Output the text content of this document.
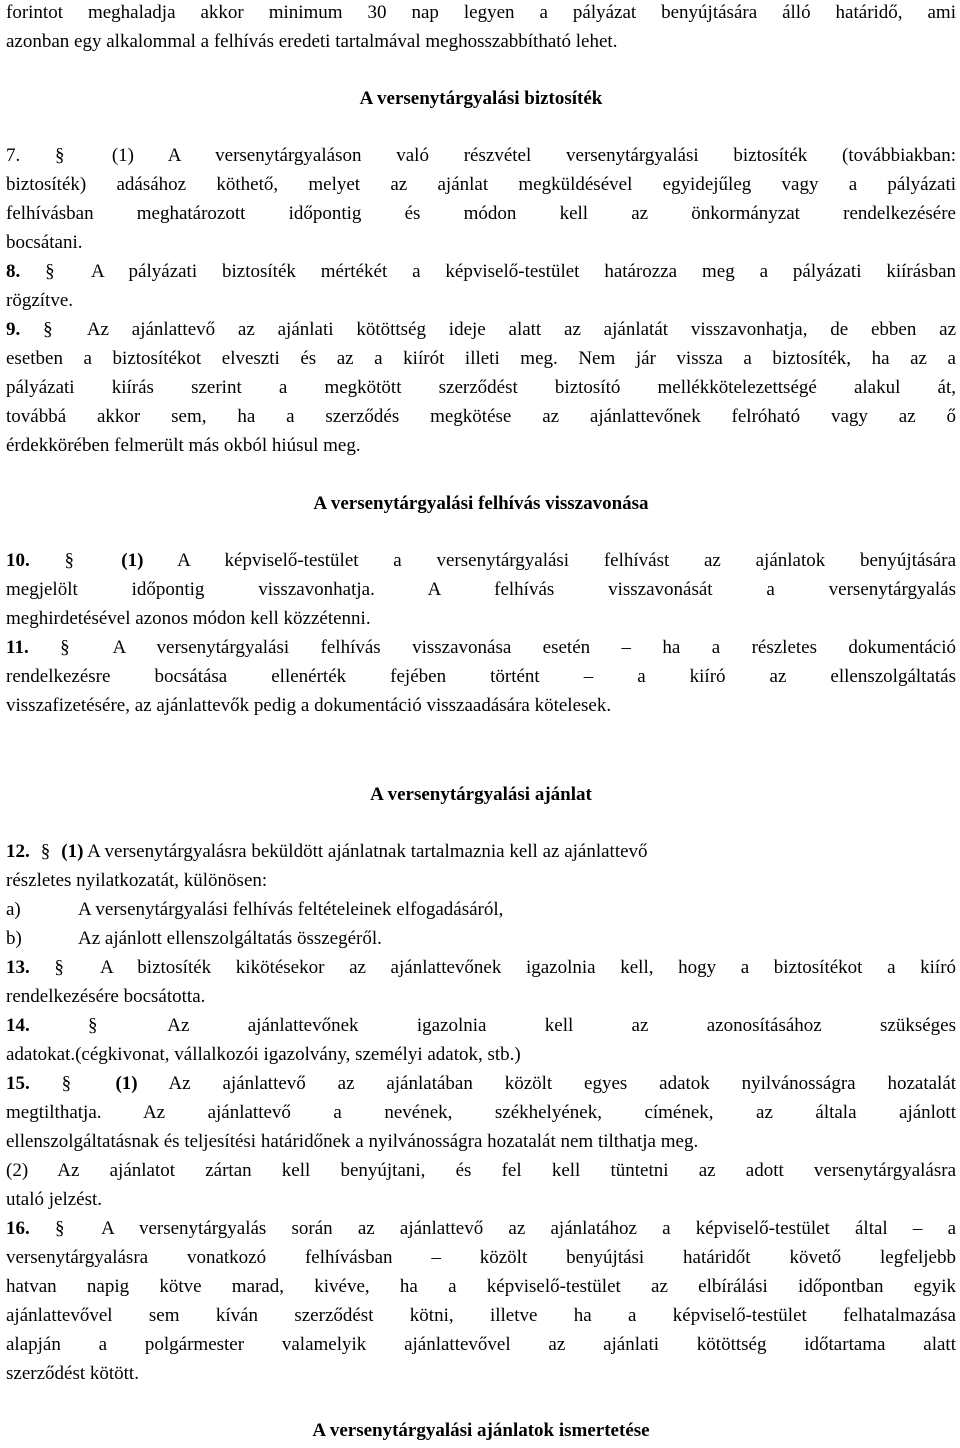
forintot meghaladja akkor minimum 30 nap legyen a pályázat benyújtására álló határidő, ami
azonban egy alkalommal a felhívás eredeti tartalmával meghosszabbítható lehet.
A versenytárgyalási biztosíték
7. § (1) A versenytárgyaláson való részvétel versenytárgyalási biztosíték (továbbiakban:
biztosíték) adásához köthető, melyet az ajánlat megküldésével egyidejűleg vagy a pályázati
felhívásban meghatározott időpontig és módon kell az önkormányzat rendelkezésére
bocsátani.
8. § A pályázati biztosíték mértékét a képviselő-testület határozza meg a pályázati kiírásban
rögzítve.
9. § Az ajánlattevő az ajánlati kötöttség ideje alatt az ajánlatát visszavonhatja, de ebben az
esetben a biztosítékot elveszti és az a kiírót illeti meg. Nem jár vissza a biztosíték, ha az a
pályázati kiírás szerint a megkötött szerződést biztosító mellékkötelezettségé alakul át,
továbbá akkor sem, ha a szerződés megkötése az ajánlattevőnek felróható vagy az ő
érdekkörében felmerült más okból hiúsul meg.
A versenytárgyalási felhívás visszavonása
10. § (1) A képviselő-testület a versenytárgyalási felhívást az ajánlatok benyújtására
megjelölt időpontig visszavonhatja. A felhívás visszavonását a versenytárgyalás
meghirdetésével azonos módon kell közzétenni.
11. § A versenytárgyalási felhívás visszavonása esetén – ha a részletes dokumentáció
rendelkezésre bocsátása ellenérték fejében történt – a kiíró az ellenszolgáltatás
visszafizetésére, az ajánlattevők pedig a dokumentáció visszaadására kötelesek.
A versenytárgyalási ajánlat
12. § (1) A versenytárgyalásra beküldött ajánlatnak tartalmaznia kell az ajánlattevő
részletes nyilatkozatát, különösen:
a)	A versenytárgyalási felhívás feltételeinek elfogadásáról,
b)	Az ajánlott ellenszolgáltatás összegéről.
13. § A biztosíték kikötésekor az ajánlattevőnek igazolnia kell, hogy a biztosítékot a kiíró
rendelkezésére bocsátotta.
14.	§	Az ajánlattevőnek igazolnia kell az azonosításához szükséges
adatokat.(cégkivonat, vállalkozói igazolvány, személyi adatok, stb.)
15. § (1) Az ajánlattevő az ajánlatában közölt egyes adatok nyilvánosságra hozatalát
megtilthatja. Az ajánlattevő a nevének, székhelyének, címének, az általa ajánlott
ellenszolgáltatásnak és teljesítési határidőnek a nyilvánosságra hozatalát nem tilthatja meg.
(2) Az ajánlatot zártan kell benyújtani, és fel kell tüntetni az adott versenytárgyalásra
utaló jelzést.
16. § A versenytárgyalás során az ajánlattevő az ajánlatához a képviselő-testület által – a
versenytárgyalásra vonatkozó felhívásban – közölt benyújtási határidőt követő legfeljebb
hatvan napig kötve marad, kivéve, ha a képviselő-testület az elbírálási időpontban egyik
ajánlattevővel sem kíván szerződést kötni, illetve ha a képviselő-testület felhatalmazása
alapján a polgármester valamelyik ajánlattevővel az ajánlati kötöttség időtartama alatt
szerződést kötött.
A versenytárgyalási ajánlatok ismertetése
